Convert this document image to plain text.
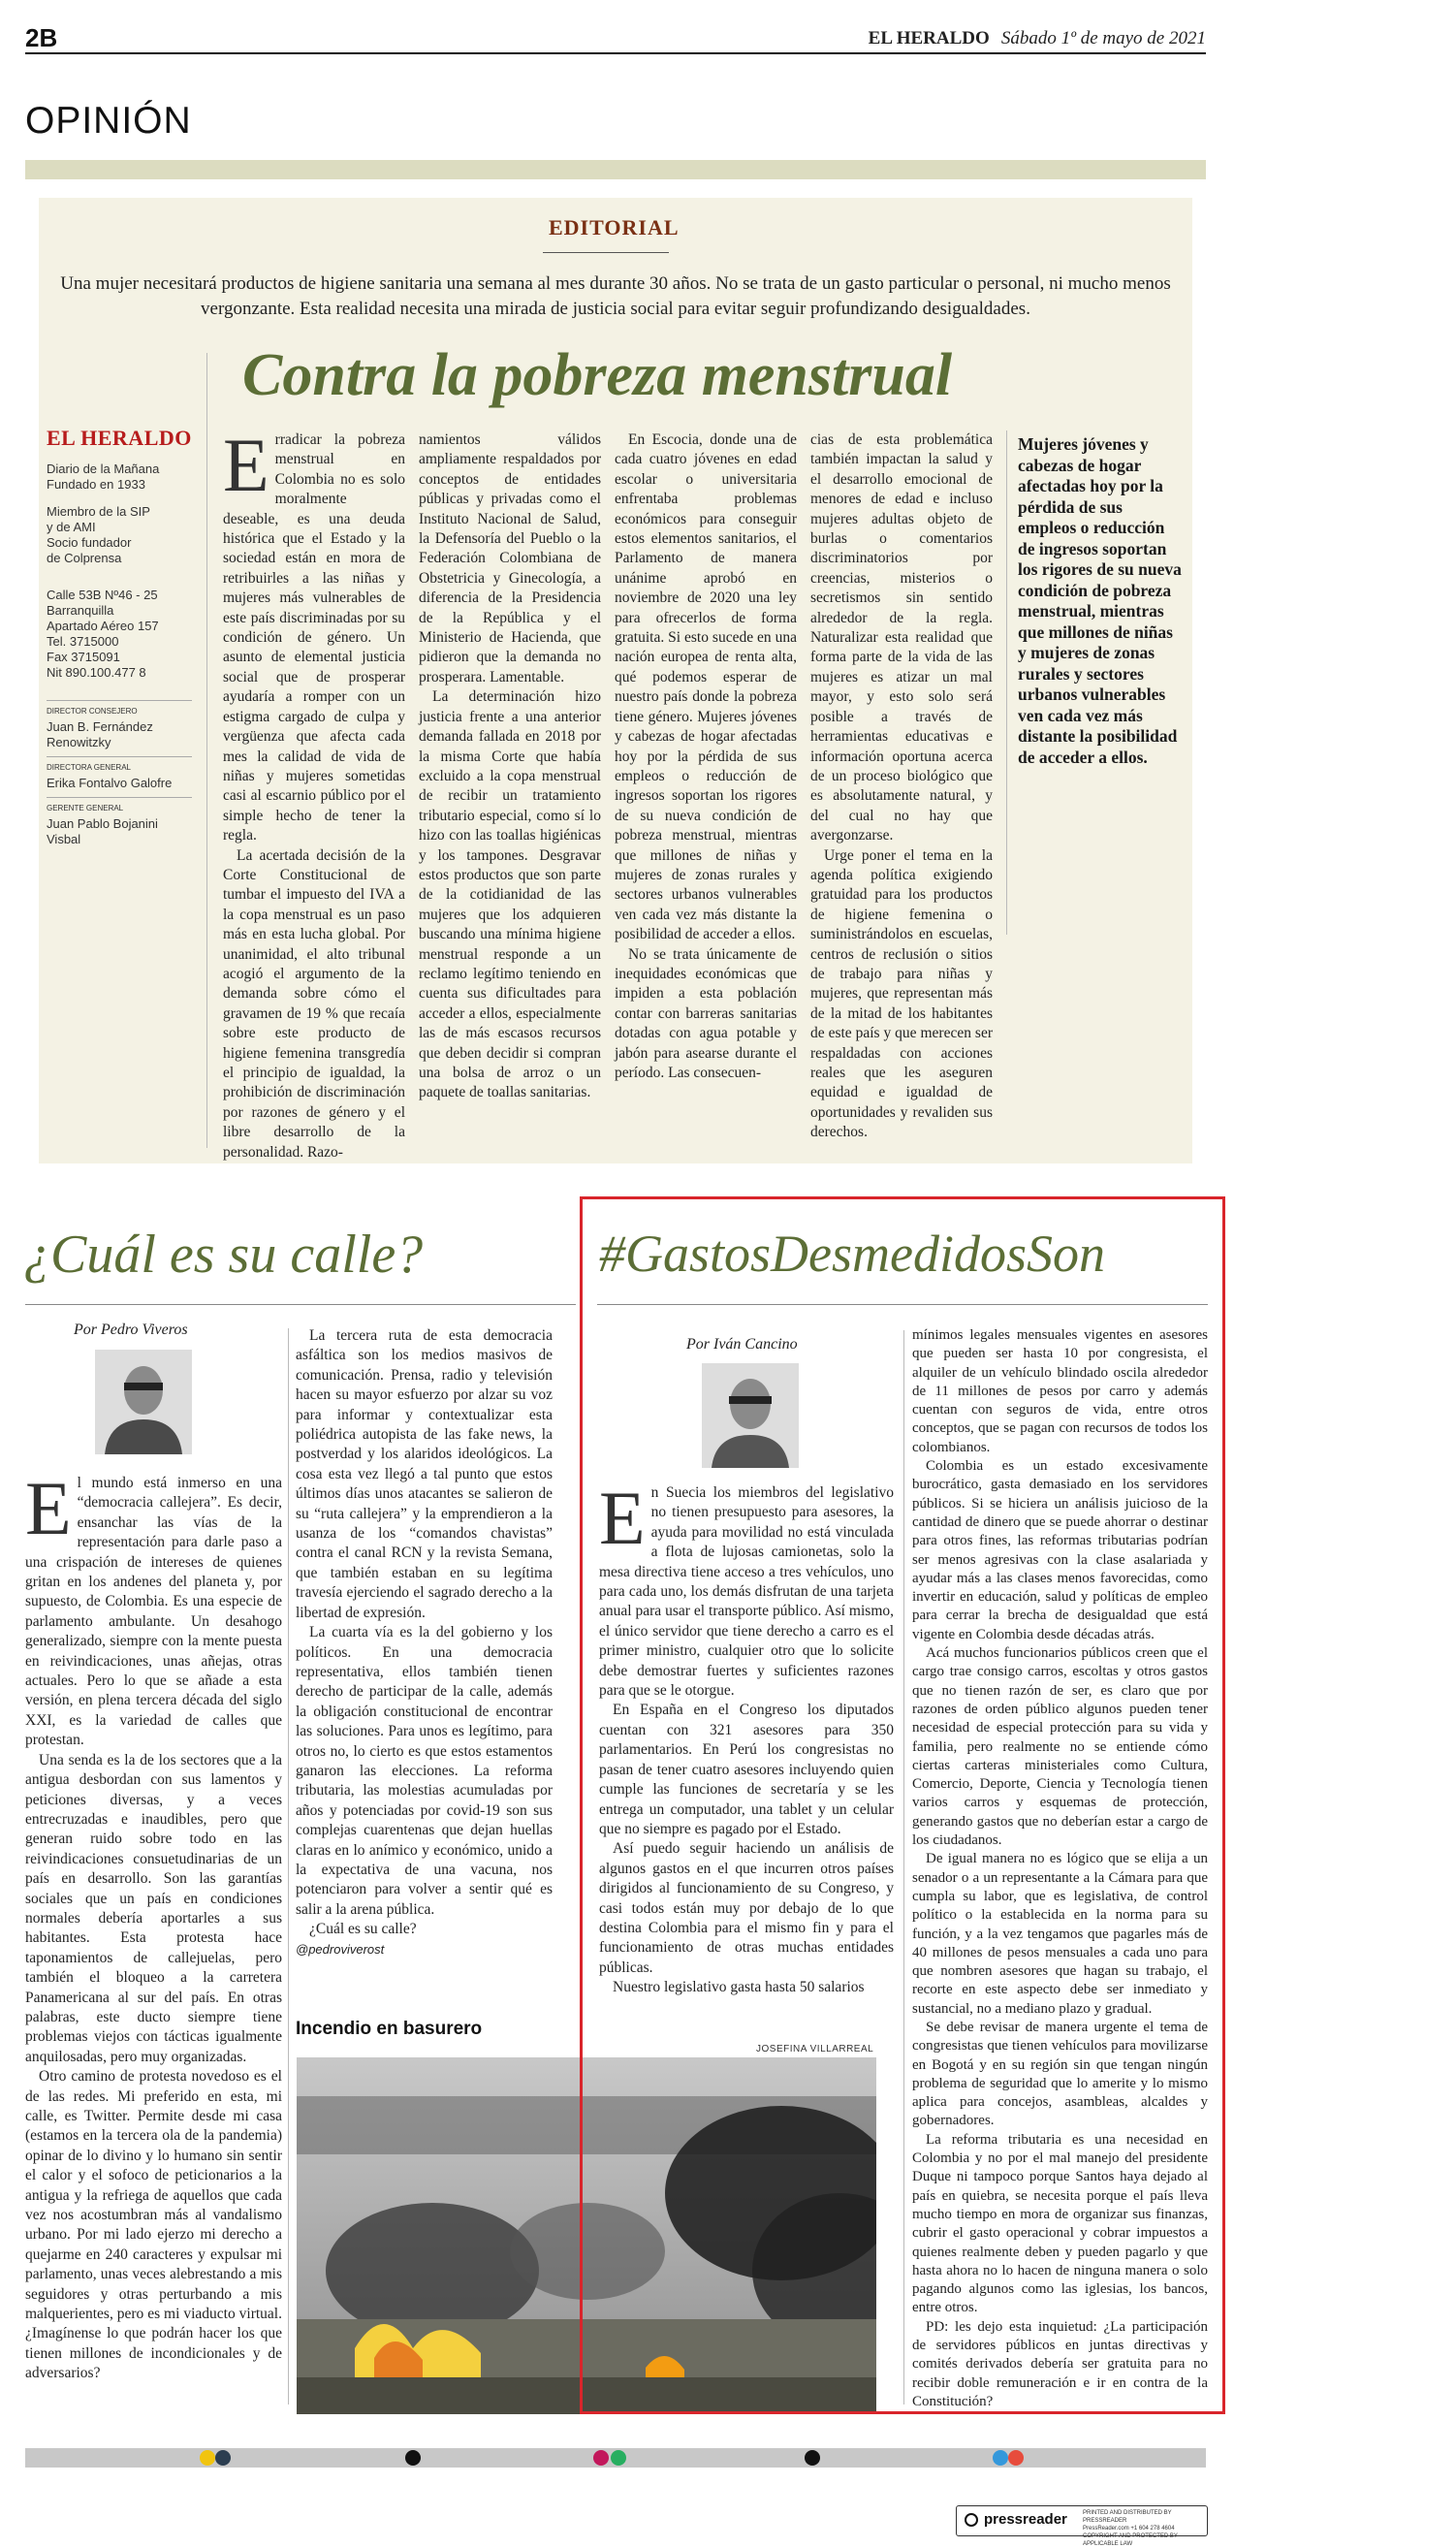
2B	EL HERALDO Sábado 1º de mayo de 2021
OPINIÓN
EDITORIAL
Una mujer necesitará productos de higiene sanitaria una semana al mes durante 30 años. No se trata de un gasto particular o personal, ni mucho menos vergonzante. Esta realidad necesita una mirada de justicia social para evitar seguir profundizando desigualdades.
Contra la pobreza menstrual
EL HERALDO

Diario de la Mañana

Fundado en 1933

Miembro de la SIP

y de AMI

Socio fundador

de Colprensa

Calle 53B Nº46 - 25

Barranquilla

Apartado Aéreo 157

Tel. 3715000

Fax 3715091

Nit 890.100.477 8

DIRECTOR CONSEJERO

Juan B. Fernández Renowitzky

DIRECTORA GENERAL

Erika Fontalvo Galofre

GERENTE GENERAL

Juan Pablo Bojanini Visbal

E rradicar la pobreza menstrual en Colombia no es solo moralmente deseable, es una deuda histórica que el Estado y la sociedad están en mora de retribuirles a las niñas y mujeres más vulnerables de este país discriminadas por su condición de género. Un asunto de elemental justicia social que de prosperar ayudaría a romper con un estigma cargado de culpa y vergüenza que afecta cada mes la calidad de vida de niñas y mujeres sometidas casi al escarnio público por el simple hecho de tener la regla.

La acertada decisión de la Corte Constitucional de tumbar el impuesto del IVA a la copa menstrual es un paso más en esta lucha global. Por unanimidad, el alto tribunal acogió el argumento de la demanda sobre cómo el gravamen de 19 % que recaía sobre este producto de higiene femenina transgredía el principio de igualdad, la prohibición de discriminación por razones de género y el libre desarrollo de la personalidad. Razo-

namientos válidos ampliamente respaldados por conceptos de entidades públicas y privadas como el Instituto Nacional de Salud, la Defensoría del Pueblo o la Federación Colombiana de Obstetricia y Ginecología, a diferencia de la Presidencia de la República y el Ministerio de Hacienda, que pidieron que la demanda no prosperara. Lamentable.

La determinación hizo justicia frente a una anterior demanda fallada en 2018 por la misma Corte que había excluido a la copa menstrual de recibir un tratamiento tributario especial, como sí lo hizo con las toallas higiénicas y los tampones. Desgravar estos productos que son parte de la cotidianidad de las mujeres que los adquieren buscando una mínima higiene menstrual responde a un reclamo legítimo teniendo en cuenta sus dificultades para acceder a ellos, especialmente las de más escasos recursos que deben decidir si compran una bolsa de arroz o un paquete de toallas sanitarias.

En Escocia, donde una de cada cuatro jóvenes en edad escolar o universitaria enfrentaba problemas económicos para conseguir estos elementos sanitarios, el Parlamento de manera unánime aprobó en noviembre de 2020 una ley para ofrecerlos de forma gratuita. Si esto sucede en una nación europea de renta alta, qué podemos esperar de nuestro país donde la pobreza tiene género. Mujeres jóvenes y cabezas de hogar afectadas hoy por la pérdida de sus empleos o reducción de ingresos soportan los rigores de su nueva condición de pobreza menstrual, mientras que millones de niñas y mujeres de zonas rurales y sectores urbanos vulnerables ven cada vez más distante la posibilidad de acceder a ellos.

No se trata únicamente de inequidades económicas que impiden a esta población contar con barreras sanitarias dotadas con agua potable y jabón para asearse durante el período. Las consecuen-

cias de esta problemática también impactan la salud y el desarrollo emocional de menores de edad e incluso mujeres adultas objeto de burlas o comentarios discriminatorios por creencias, misterios o secretismos sin sentido alrededor de la regla. Naturalizar esta realidad que forma parte de la vida de las mujeres es atizar un mal mayor, y esto solo será posible a través de herramientas educativas e información oportuna acerca de un proceso biológico que es absolutamente natural, y del cual no hay que avergonzarse.

Urge poner el tema en la agenda política exigiendo gratuidad para los productos de higiene femenina o suministrándolos en escuelas, centros de reclusión o sitios de trabajo para niñas y mujeres, que representan más de la mitad de los habitantes de este país y que merecen ser respaldadas con acciones reales que les aseguren equidad e igualdad de oportunidades y revaliden sus derechos.

Mujeres jóvenes y cabezas de hogar afectadas hoy por la pérdida de sus empleos o reducción de ingresos soportan los rigores de su nueva condición de pobreza menstrual, mientras que millones de niñas y mujeres de zonas rurales y sectores urbanos vulnerables ven cada vez más distante la posibilidad de acceder a ellos.
¿Cuál es su calle?
Por Pedro Viveros
E l mundo está inmerso en una “democracia callejera”. Es decir, ensanchar las vías de la representación para darle paso a una crispación de intereses de quienes gritan en los andenes del planeta y, por supuesto, de Colombia. Es una especie de parlamento ambulante. Un desahogo generalizado, siempre con la mente puesta en reivindicaciones, unas añejas, otras actuales. Pero lo que se añade a esta versión, en plena tercera década del siglo XXI, es la variedad de calles que protestan.

Una senda es la de los sectores que a la antigua desbordan con sus lamentos y peticiones diversas, y a veces entrecruzadas e inaudibles, pero que generan ruido sobre todo en las reivindicaciones consuetudinarias de un país en desarrollo. Son las garantías sociales que un país en condiciones normales debería aportarles a sus habitantes. Esta protesta hace taponamientos de callejuelas, pero también el bloqueo a la carretera Panamericana al sur del país. En otras palabras, este ducto siempre tiene problemas viejos con tácticas igualmente anquilosadas, pero muy organizadas.

Otro camino de protesta novedoso es el de las redes. Mi preferido en esta, mi calle, es Twitter. Permite desde mi casa (estamos en la tercera ola de la pandemia) opinar de lo divino y lo humano sin sentir el calor y el sofoco de peticionarios a la antigua y la refriega de aquellos que cada vez nos acostumbran más al vandalismo urbano. Por mi lado ejerzo mi derecho a quejarme en 240 caracteres y expulsar mi parlamento, unas veces alebrestando a mis seguidores y otras perturbando a mis malquerientes, pero es mi viaducto virtual. ¿Imagínense lo que podrán hacer los que tienen millones de incondicionales y de adversarios?

La tercera ruta de esta democracia asfáltica son los medios masivos de comunicación. Prensa, radio y televisión hacen su mayor esfuerzo por alzar su voz para informar y contextualizar esta poliédrica autopista de las fake news, la postverdad y los alaridos ideológicos. La cosa esta vez llegó a tal punto que estos últimos días unos atacantes se salieron de su “ruta callejera” y la emprendieron a la usanza de los “comandos chavistas” contra el canal RCN y la revista Semana, que también estaban en su legítima travesía ejerciendo el sagrado derecho a la libertad de expresión.

La cuarta vía es la del gobierno y los políticos. En una democracia representativa, ellos también tienen derecho de participar de la calle, además la obligación constitucional de encontrar las soluciones. Para unos es legítimo, para otros no, lo cierto es que estos estamentos ganaron las elecciones. La reforma tributaria, las molestias acumuladas por años y potenciadas por covid-19 son sus complejas cuarentenas que dejan huellas claras en lo anímico y económico, unido a la expectativa de una vacuna, nos potenciaron para volver a sentir qué es salir a la arena pública.

¿Cuál es su calle?

@pedroviverost

Incendio en basurero
JOSEFINA VILLARREAL
#GastosDesmedidosSon
Por Iván Cancino
E n Suecia los miembros del legislativo no tienen presupuesto para asesores, la ayuda para movilidad no está vinculada a flota de lujosas camionetas, solo la mesa directiva tiene acceso a tres vehículos, uno para cada uno, los demás disfrutan de una tarjeta anual para usar el transporte público. Así mismo, el único servidor que tiene derecho a carro es el primer ministro, cualquier otro que lo solicite debe demostrar fuertes y suficientes razones para que se le otorgue.

En España en el Congreso los diputados cuentan con 321 asesores para 350 parlamentarios. En Perú los congresistas no pasan de tener cuatro asesores incluyendo quien cumple las funciones de secretaría y se les entrega un computador, una tablet y un celular que no siempre es pagado por el Estado.

Así puedo seguir haciendo un análisis de algunos gastos en el que incurren otros países dirigidos al funcionamiento de su Congreso, y casi todos están muy por debajo de lo que destina Colombia para el mismo fin y para el funcionamiento de otras muchas entidades públicas.

Nuestro legislativo gasta hasta 50 salarios

mínimos legales mensuales vigentes en asesores que pueden ser hasta 10 por congresista, el alquiler de un vehículo blindado oscila alrededor de 11 millones de pesos por carro y además cuentan con seguros de vida, entre otros conceptos, que se pagan con recursos de todos los colombianos.

Colombia es un estado excesivamente burocrático, gasta demasiado en los servidores públicos. Si se hiciera un análisis juicioso de la cantidad de dinero que se puede ahorrar o destinar para otros fines, las reformas tributarias podrían ser menos agresivas con la clase asalariada y ayudar más a las clases menos favorecidas, como invertir en educación, salud y políticas de empleo para cerrar la brecha de desigualdad que está vigente en Colombia desde décadas atrás.

Acá muchos funcionarios públicos creen que el cargo trae consigo carros, escoltas y otros gastos que no tienen razón de ser, es claro que por razones de orden público algunos pueden tener necesidad de especial protección para su vida y familia, pero realmente no se entiende cómo ciertas carteras ministeriales como Cultura, Comercio, Deporte, Ciencia y Tecnología tienen varios carros y esquemas de protección, generando gastos que no deberían estar a cargo de los ciudadanos.

De igual manera no es lógico que se elija a un senador o a un representante a la Cámara para que cumpla su labor, que es legislativa, de control político o la establecida en la norma para su función, y a la vez tengamos que pagarles más de 40 millones de pesos mensuales a cada uno para que nombren asesores que hagan su trabajo, el recorte en este aspecto debe ser inmediato y sustancial, no a mediano plazo y gradual.

Se debe revisar de manera urgente el tema de congresistas que tienen vehículos para movilizarse en Bogotá y en su región sin que tengan ningún problema de seguridad que lo amerite y lo mismo aplica para concejos, asambleas, alcaldes y gobernadores.

La reforma tributaria es una necesidad en Colombia y no por el mal manejo del presidente Duque ni tampoco porque Santos haya dejado al país en quiebra, se necesita porque el país lleva mucho tiempo en mora de organizar sus finanzas, cubrir el gasto operacional y cobrar impuestos a quienes realmente deben y pueden pagarlo y que hasta ahora no lo hacen de ninguna manera o solo pagando algunos como las iglesias, los bancos, entre otros.

PD: les dejo esta inquietud: ¿La participación de servidores públicos en juntas directivas y comités derivados debería ser gratuita para no recibir doble remuneración e ir en contra de la Constitución?

pressreader	PRINTED AND DISTRIBUTED BY PRESSREADER
PressReader.com +1 604 278 4604
COPYRIGHT AND PROTECTED BY APPLICABLE LAW
